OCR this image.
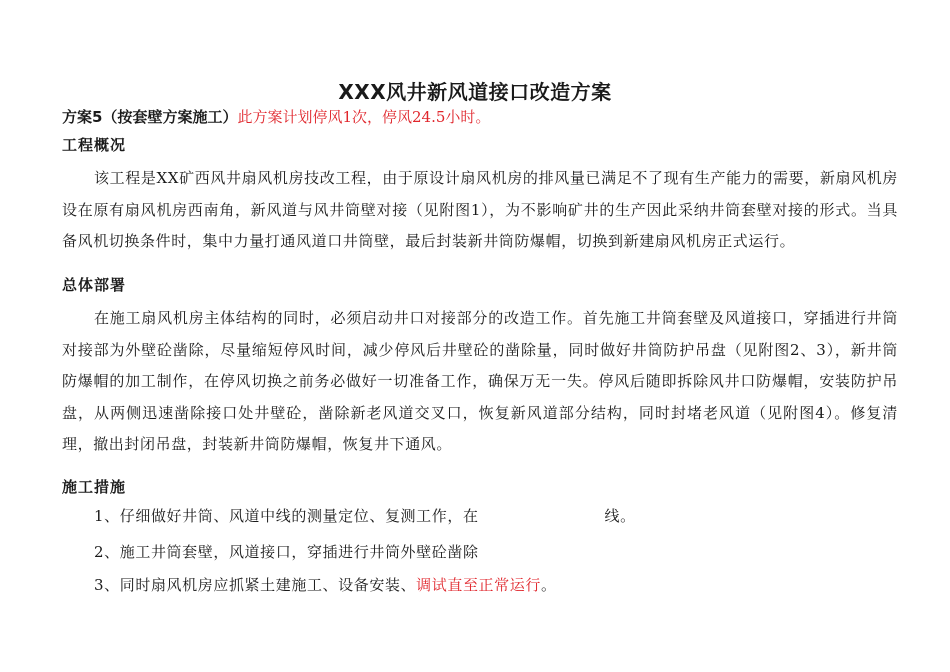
XXX风井新风道接口改造方案
方案5（按套壁方案施工）此方案计划停风1次，停风24.5小时。
工程概况

该工程是XX矿西风井扇风机房技改工程，由于原设计扇风机房的排风量已满足不了现有生产能力的需要，新扇风机房设在原有扇风机房西南角，新风道与风井筒壁对接（见附图1），为不影响矿井的生产因此采纳井筒套壁对接的形式。当具备风机切换条件时，集中力量打通风道口井筒壁，最后封装新井筒防爆帽，切换到新建扇风机房正式运行。

总体部署

在施工扇风机房主体结构的同时，必须启动井口对接部分的改造工作。首先施工井筒套壁及风道接口，穿插进行井筒对接部为外壁砼凿除，尽量缩短停风时间，减少停风后井壁砼的凿除量，同时做好井筒防护吊盘（见附图2、3），新井筒防爆帽的加工制作，在停风切换之前务必做好一切准备工作，确保万无一失。停风后随即拆除风井口防爆帽，安装防护吊盘，从两侧迅速凿除接口处井壁砼，凿除新老风道交叉口，恢复新风道部分结构，同时封堵老风道（见附图4）。修复清理，撤出封闭吊盘，封装新井筒防爆帽，恢复井下通风。

施工措施
1、仔细做好井筒、风道中线的测量定位、复测工作，在	线。
2、施工井筒套壁，风道接口，穿插进行井筒外壁砼凿除
3、同时扇风机房应抓紧土建施工、设备安装、调试直至正常运行。
